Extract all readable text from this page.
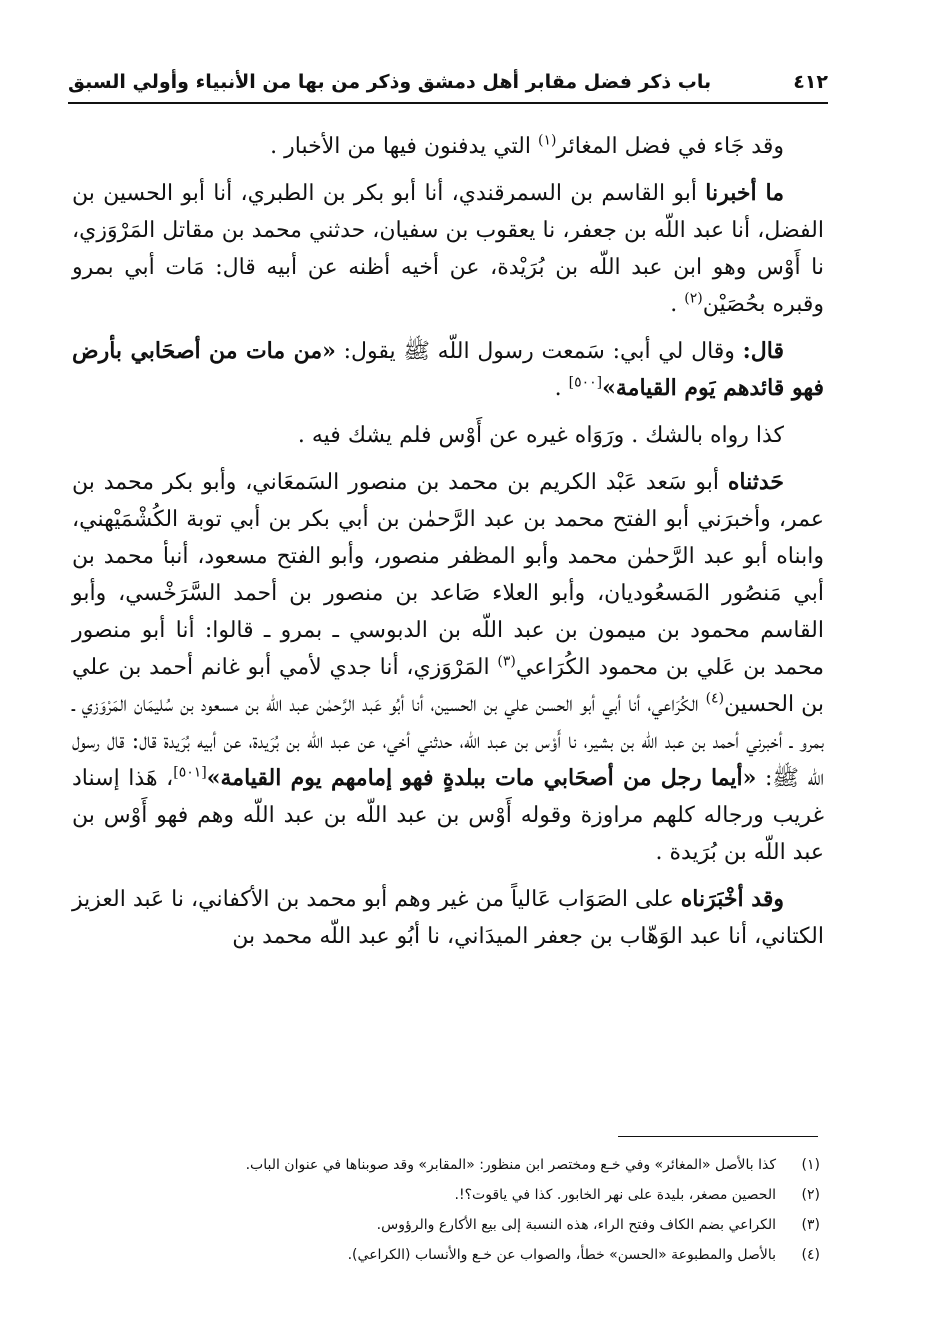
٤١٢
باب ذكر فضل مقابر أهل دمشق وذكر من بها من الأنبياء وأولي السبق

وقد جَاء في فضل المغائر$^{(١)}$ التي يدفنون فيها من الأخبار .

ما أخبرنا أبو القاسم بن السمرقندي، أنا أبو بكر بن الطبري، أنا أبو الحسين بن الفضل، أنا عبد اللّه بن جعفر، نا يعقوب بن سفيان، حدثني محمد بن مقاتل المَرْوَزي، نا أَوْس وهو ابن عبد اللّه بن بُرَيْدة، عن أخيه أظنه عن أبيه قال: مَات أبي بمرو وقبره بحُصَيْن$^{(٢)}$ .

قال: وقال لي أبي: سَمعت رسول اللّه ﷺ يقول: «من مات من أصحَابي بأرض فهو قائدهم يَوم القيامة»[٥٠٠] .

كذا رواه بالشك . ورَوَاه غيره عن أَوْس فلم يشك فيه .

حَدثناه أبو سَعد عَبْد الكريم بن محمد بن منصور السَمعَاني، وأبو بكر محمد بن عمر، وأخبرَني أبو الفتح محمد بن عبد الرَّحمٰن بن أبي بكر بن أبي توبة الكُشْمَيْهني، وابناه أبو عبد الرَّحمٰن محمد وأبو المظفر منصور، وأبو الفتح مسعود، أنبأ محمد بن أبي مَنصُور المَسعُوديان، وأبو العلاء صَاعد بن منصور بن أحمد السَّرَخْسي، وأبو القاسم محمود بن ميمون بن عبد اللّه بن الدبوسي ـ بمرو ـ قالوا: أنا أبو منصور محمد بن عَلي بن محمود الكُرَاعي$^{(٣)}$ المَرْوَزي، أنا جدي لأمي أبو غانم أحمد بن علي بن الحسين$^{(٤)}$ الكُرَاعي، أنا أبي أبو الحسن علي بن الحسين، أنا أبُو عَبد الرَّحمٰن عبد اللّه بن مسعود بن سُليمَان المَرْوَزي ـ بمرو ـ أخبرني أحمد بن عبد اللّه بن بشير، نا أَوْس بن عبد اللّه، حدثني أخي، عن عبد اللّه بن بُرَيدة، عن أبيه بُرَيدة قال: قال رسول اللّه ﷺ: «أيما رجل من أصحَابي مات ببلدةٍ فهو إمامهم يوم القيامة»[٥٠١]، هَذا إسناد غريب ورجاله كلهم مراوزة وقوله أَوْس بن عبد اللّه بن عبد اللّه وهم فهو أَوْس بن عبد اللّه بن بُرَيدة .

وقد أخْبَرَناه على الصَوَاب عَالياً من غير وهم أبو محمد بن الأكفاني، نا عَبد العزيز الكتاني، أنا عبد الوَهّاب بن جعفر الميدَاني، نا أبُو عبد اللّه محمد بن

(١)
كذا بالأصل «المغائر» وفي خـع ومختصر ابن منظور: «المقابر» وقد صوبناها في عنوان الباب.
(٢)
الحصين مصغر، بليدة على نهر الخابور. كذا في ياقوت؟!.
(٣)
الكراعي بضم الكاف وفتح الراء، هذه النسبة إلى بيع الأكارع والرؤوس.
(٤)
بالأصل والمطبوعة «الحسن» خطأ، والصواب عن خـع والأنساب (الكراعي).
